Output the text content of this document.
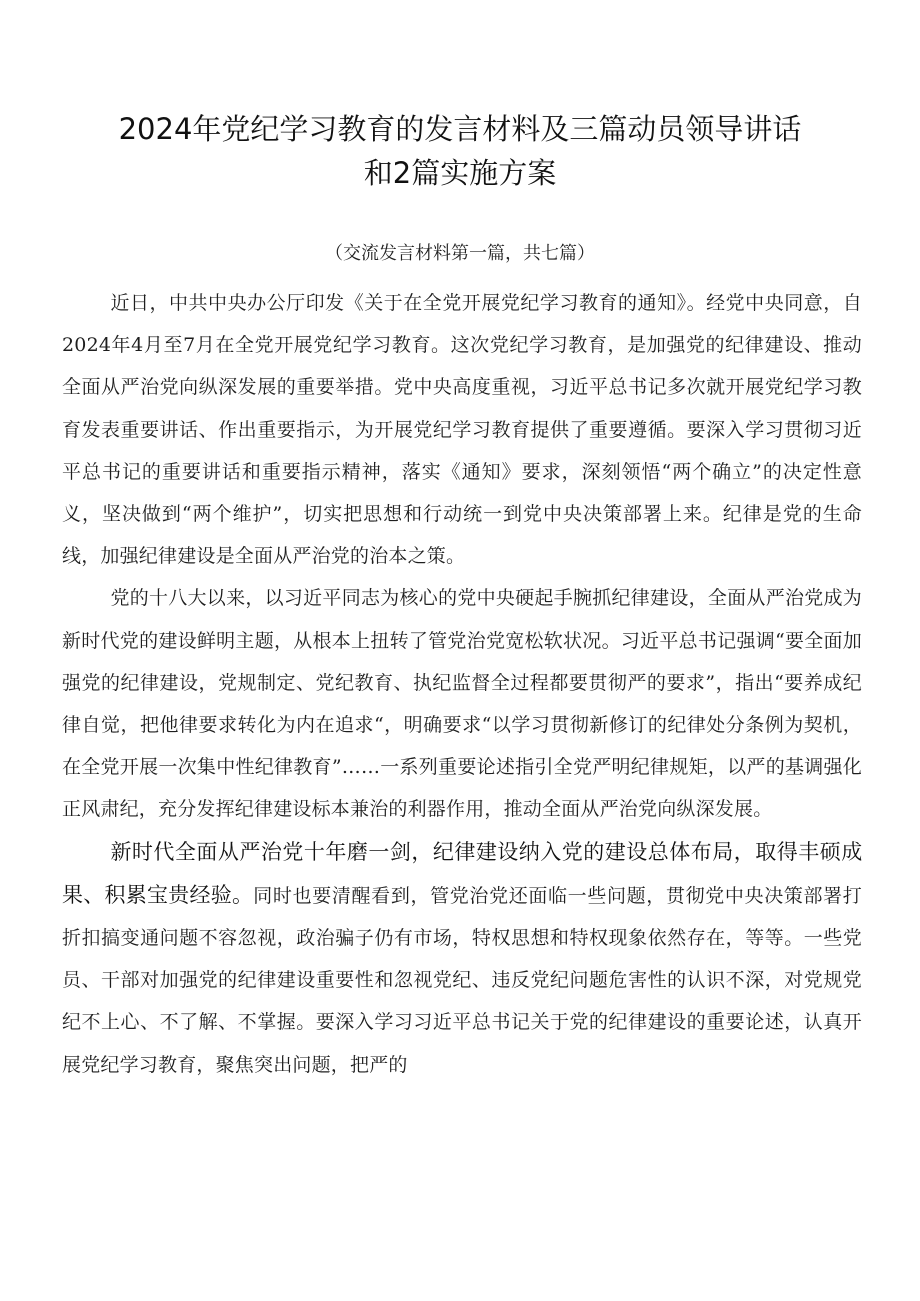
2024年党纪学习教育的发言材料及三篇动员领导讲话
和2篇实施方案
（交流发言材料第一篇，共七篇）

近日，中共中央办公厅印发《关于在全党开展党纪学习教育的通知》。经党中央同意，自2024年4月至7月在全党开展党纪学习教育。这次党纪学习教育，是加强党的纪律建设、推动全面从严治党向纵深发展的重要举措。党中央高度重视，习近平总书记多次就开展党纪学习教育发表重要讲话、作出重要指示，为开展党纪学习教育提供了重要遵循。要深入学习贯彻习近平总书记的重要讲话和重要指示精神，落实《通知》要求，深刻领悟“两个确立”的决定性意义，坚决做到“两个维护”，切实把思想和行动统一到党中央决策部署上来。纪律是党的生命线，加强纪律建设是全面从严治党的治本之策。

党的十八大以来，以习近平同志为核心的党中央硬起手腕抓纪律建设，全面从严治党成为新时代党的建设鲜明主题，从根本上扭转了管党治党宽松软状况。习近平总书记强调“要全面加强党的纪律建设，党规制定、党纪教育、执纪监督全过程都要贯彻严的要求”，指出“要养成纪律自觉，把他律要求转化为内在追求“，明确要求“以学习贯彻新修订的纪律处分条例为契机，在全党开展一次集中性纪律教育”……一系列重要论述指引全党严明纪律规矩，以严的基调强化正风肃纪，充分发挥纪律建设标本兼治的利器作用，推动全面从严治党向纵深发展。

新时代全面从严治党十年磨一剑，纪律建设纳入党的建设总体布局，取得丰硕成果、积累宝贵经验。同时也要清醒看到，管党治党还面临一些问题，贯彻党中央决策部署打折扣搞变通问题不容忽视，政治骗子仍有市场，特权思想和特权现象依然存在，等等。一些党员、干部对加强党的纪律建设重要性和忽视党纪、违反党纪问题危害性的认识不深，对党规党纪不上心、不了解、不掌握。要深入学习习近平总书记关于党的纪律建设的重要论述，认真开展党纪学习教育，聚焦突出问题，把严的
